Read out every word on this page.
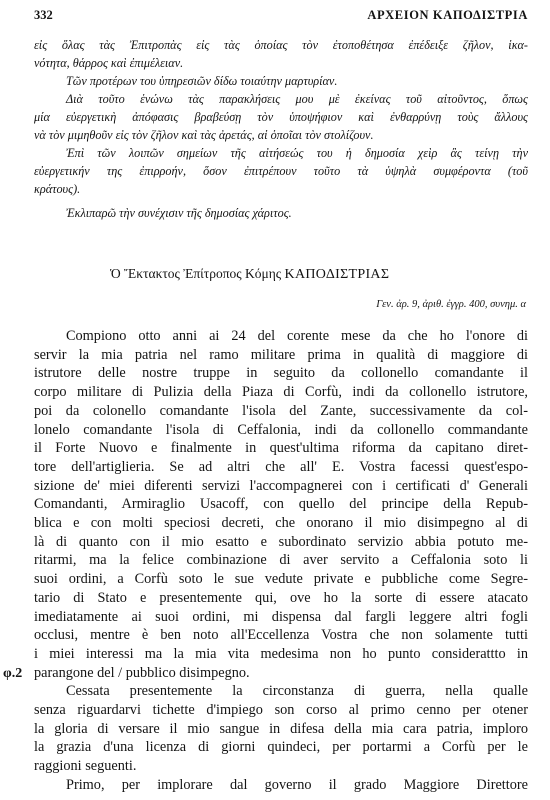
332	ΑΡΧΕΙΟΝ ΚΑΠΟΔΙΣΤΡΙΑ
εἰς ὅλας τὰς Ἐπιτροπὰς εἰς τὰς ὁποίας τὸν ἐτοποθέτησα ἐπέδειξε ζῆλον, ἱκα-
νότητα, θάρρος καὶ ἐπιμέλειαν.
Τῶν προτέρων του ὑπηρεσιῶν δίδω τοιαύτην μαρτυρίαν.
Διὰ τοῦτο ἑνώνω τὰς παρακλήσεις μου μὲ ἐκείνας τοῦ αἰτοῦντος, ὅπως
μία εὐεργετικὴ ἀπόφασις βραβεύσῃ τὸν ὑποψήφιον καὶ ἐνθαρρύνῃ τοὺς ἄλλους
νὰ τὸν μιμηθοῦν εἰς τὸν ζῆλον καὶ τὰς ἀρετάς, αἱ ὁποῖαι τὸν στολίζουν.
Ἐπὶ τῶν λοιπῶν σημείων τῆς αἰτήσεώς του ἡ δημοσία χεὶρ ἂς τείνῃ τὴν
εὐεργετικήν της ἐπιρροήν, ὅσον ἐπιτρέπουν τοῦτο τὰ ὑψηλὰ συμφέροντα (τοῦ
κράτους).
Ἐκλιπαρῶ τὴν συνέχισιν τῆς δημοσίας χάριτος.
Ὁ Ἔκτακτος Ἐπίτροπος Κόμης ΚΑΠΟΔΙΣΤΡΙΑΣ
Γεν. ἀρ. 9, ἀριθ. ἐγγρ. 400, συνημ. α
Compiono otto anni ai 24 del corente mese da che ho l'onore di
servir la mia patria nel ramo militare prima in qualità di maggiore di
istrutore delle nostre truppe in seguito da collonello comandante il
corpo militare di Pulizia della Piaza di Corfù, indi da collonello istrutore,
poi da colonello comandante l'isola del Zante, successivamente da col-
lonelo comandante l'isola di Ceffalonia, indi da collonello commandante
il Forte Nuovo e finalmente in quest'ultima riforma da capitano diret-
tore dell'artiglieria. Se ad altri che all' E. Vostra facessi quest'espo-
sizione de' miei diferenti servizi l'accompagnerei con i certificati d' Generali
Comandanti, Armiraglio Usacoff, con quello del principe della Repub-
blica e con molti speciosi decreti, che onorano il mio disimpegno al di
là di quanto con il mio esatto e subordinato servizio abbia potuto me-
ritarmi, ma la felice combinazione di aver servito a Ceffalonia soto li
suoi ordini, a Corfù soto le sue vedute private e pubbliche come Segre-
tario di Stato e presentemente qui, ove ho la sorte di essere atacato
imediatamente ai suoi ordini, mi dispensa dal fargli leggere altri fogli
occlusi, mentre è ben noto all'Eccellenza Vostra che non solamente tutti
i miei interessi ma la mia vita medesima non ho punto considerattto in
parangone del / pubblico disimpegno.
Cessata presentemente la circonstanza di guerra, nella qualle
senza riguardarvi tichette d'impiego son corso al primo cenno per otener
la gloria di versare il mio sangue in difesa della mia cara patria, imploro
la grazia d'una licenza di giorni quindeci, per portarmi a Corfù per le
raggioni seguenti.
Primo, per implorare dal governo il grado Maggiore Direttore
φ.2
